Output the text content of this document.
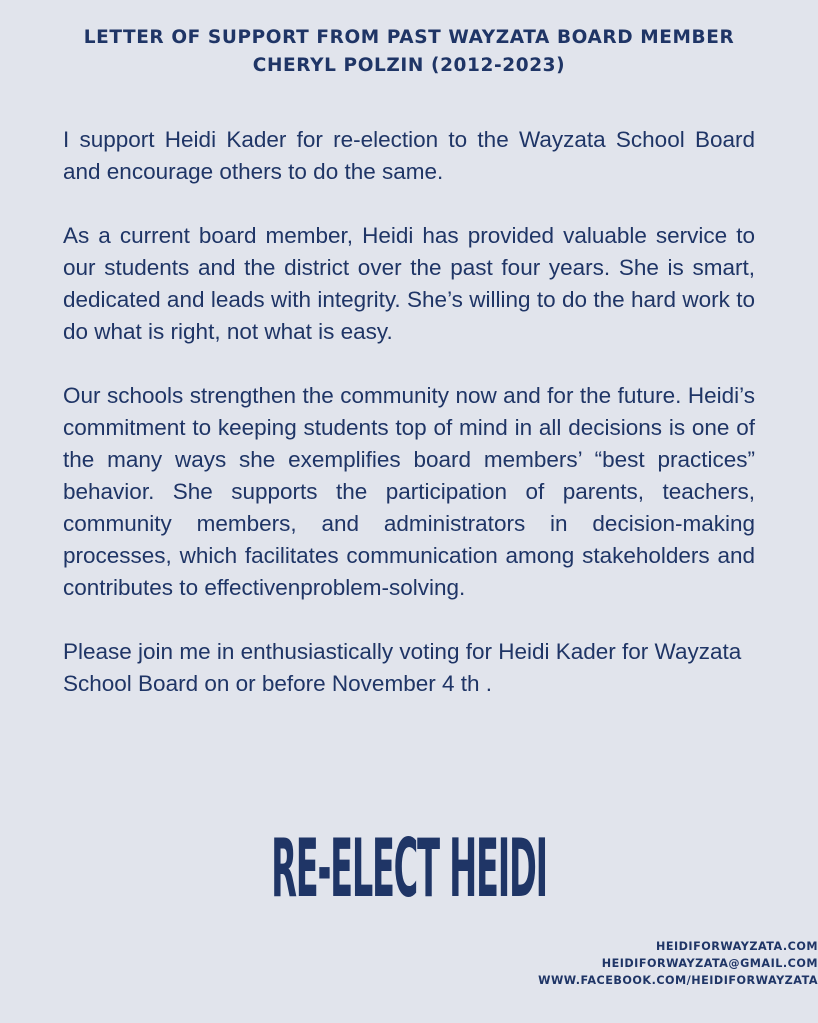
LETTER OF SUPPORT FROM PAST WAYZATA BOARD MEMBER
CHERYL POLZIN (2012-2023)

I support Heidi Kader for re-election to the Wayzata School Board and encourage others to do the same.

As a current board member, Heidi has provided valuable service to our students and the district over the past four years. She is smart, dedicated and leads with integrity. She’s willing to do the hard work to do what is right, not what is easy.

Our schools strengthen the community now and for the future. Heidi’s commitment to keeping students top of mind in all decisions is one of the many ways she exemplifies board members’ “best practices” behavior. She supports the participation of parents, teachers, community members, and administrators in decision-making processes, which facilitates communication among stakeholders and contributes to effectivenproblem-solving.

Please join me in enthusiastically voting for Heidi Kader for Wayzata School Board on or before November 4 th .

RE-ELECT HEIDI
HEIDIFORWAYZATA.COM
HEIDIFORWAYZATA@GMAIL.COM
WWW.FACEBOOK.COM/HEIDIFORWAYZATA
